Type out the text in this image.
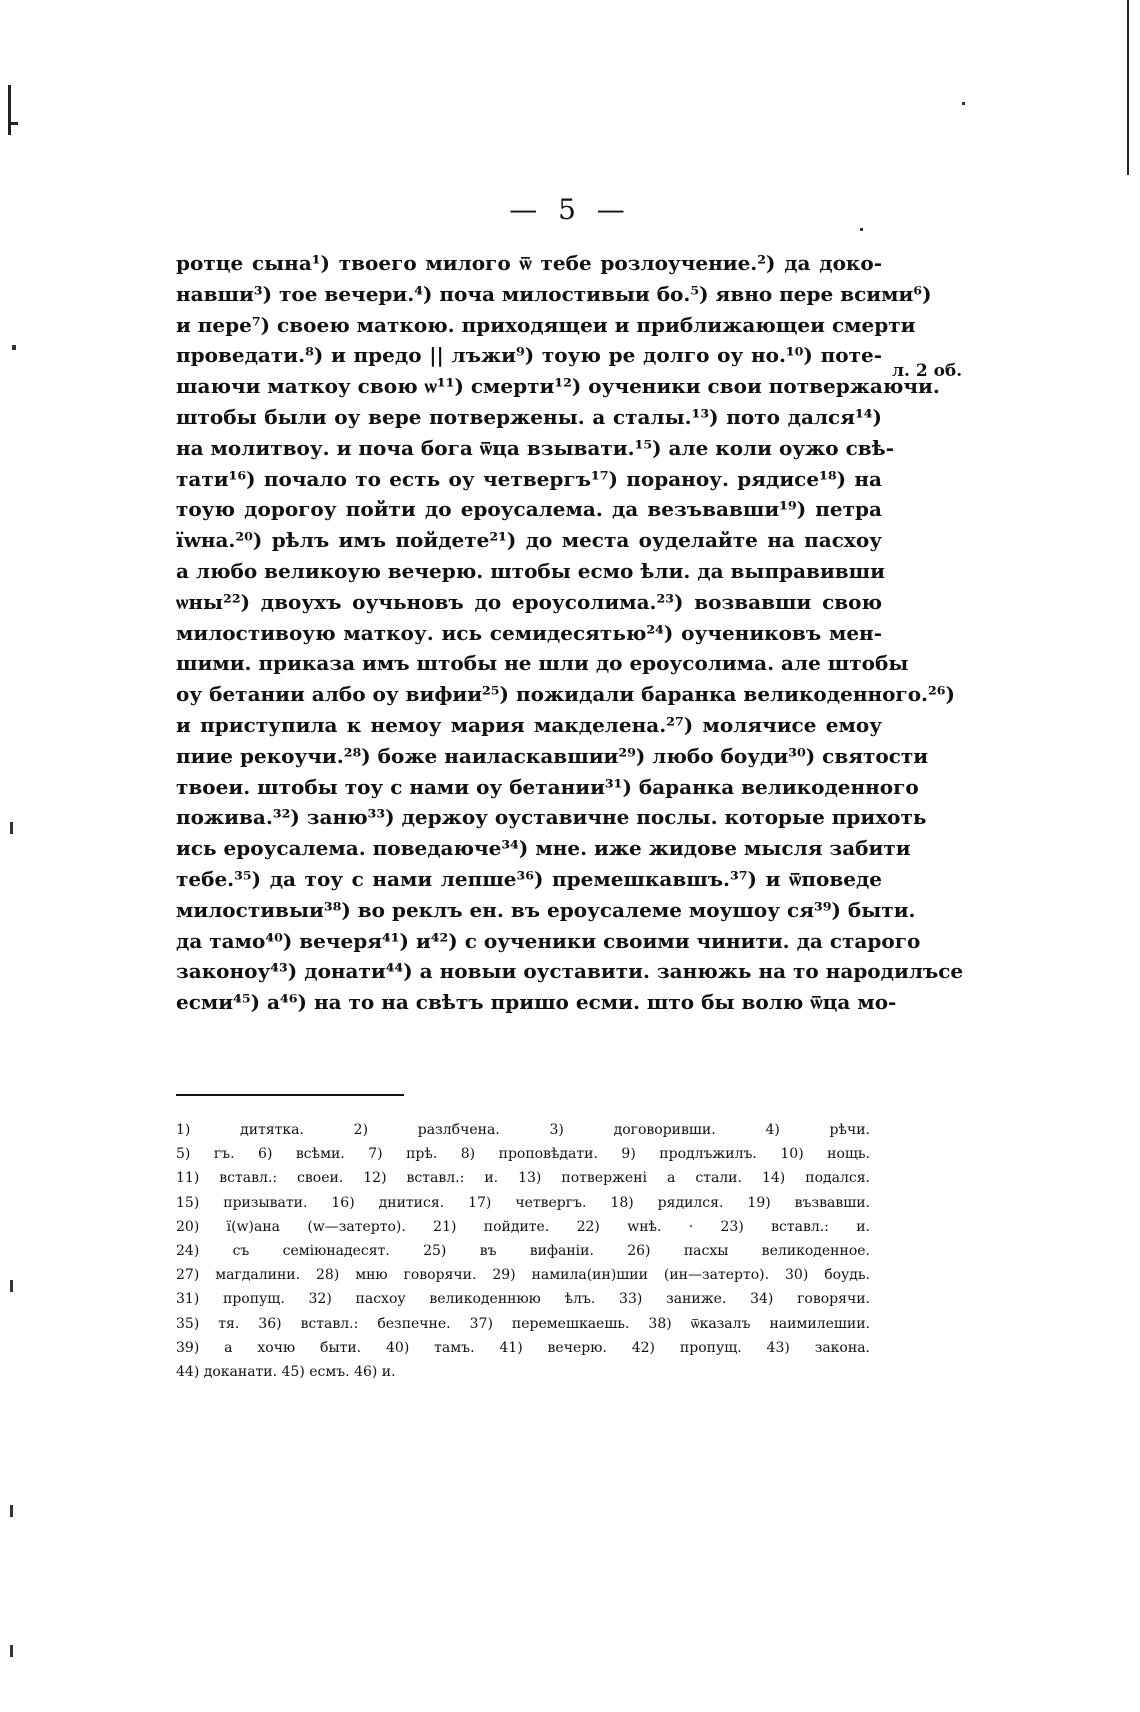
— 5 —
ротце сына¹) твоего милого ѿ тебе розлоучение.²) да доко-
навши³) тое вечери.⁴) поча милостивыи бо.⁵) явно пере всими⁶)
и пере⁷) своею маткою. приходящеи и приближающеи смерти
проведати.⁸) и предо || лъжи⁹) тоую ре долго оу но.¹⁰) поте-
шаючи маткоу свою ѡ¹¹) смерти¹²) оученики свои потвержаючи.
штобы были оу вере потвержены. а сталы.¹³) пото дался¹⁴)
на молитвоу. и поча бога ѿца взывати.¹⁵) але коли оужо свѣ-
тати¹⁶) почало то есть оу четвергъ¹⁷) пораноу. рядисе¹⁸) на
тоую дорогоу пойти до ероусалема. да везъвавши¹⁹) петра
їwна.²⁰) рѣлъ имъ пойдете²¹) до места оуделайте на пасхоу
а любо великоую вечерю. штобы есмо ѣли. да выправивши
ѡны²²) двоухъ оучьновъ до ероусолима.²³) возвавши свою
милостивоую маткоу. ись семидесятью²⁴) оучениковъ мен-
шими. приказа имъ штобы не шли до ероусолима. але штобы
оу бетании албо оу вифии²⁵) пожидали баранка великоденного.²⁶)
и приступила к немоу мария макделена.²⁷) молячисе емоу
пиие рекоучи.²⁸) боже наиласкавшии²⁹) любо боуди³⁰) святости
твоеи. штобы тоу с нами оу бетании³¹) баранка великоденного
пожива.³²) заню³³) держоу оуставичне послы. которые прихоть
ись ероусалема. поведаюче³⁴) мне. иже жидове мысля забити
тебе.³⁵) да тоу с нами лепше³⁶) премешкавшъ.³⁷) и ѿповеде
милостивыи³⁸) во реклъ ен. въ ероусалеме моушоу ся³⁹) быти.
да тамо⁴⁰) вечеря⁴¹) и⁴²) с оученики своими чинити. да старого
законоу⁴³) донати⁴⁴) а новыи оуставити. занюжь на то народилъсе
есми⁴⁵) а⁴⁶) на то на свѣтъ пришо есми. што бы волю ѿца мо-
л. 2 об.
1) дитятка. 2) разлбчена. 3) договоривши. 4) рѣчи.
5) гъ. 6) всѣми. 7) прѣ. 8) проповѣдати. 9) продлъжилъ. 10) нощь.
11) вставл.: своеи. 12) вставл.: и. 13) потверженi а стали. 14) подался.
15) призывати. 16) днитися. 17) четвергъ. 18) рядился. 19) възвавши.
20) ї(w)ана (w—затерто). 21) пойдите. 22) wнѣ. · 23) вставл.: и.
24) съ семiюнадесят. 25) въ вифанiи. 26) пасхы великоденное.
27) магдалини. 28) мню говорячи. 29) намила(ин)шии (ин—затерто). 30) боудь.
31) пропущ. 32) пасхоу великоденнюю ѣлъ. 33) заниже. 34) говорячи.
35) тя. 36) вставл.: безпечне. 37) перемешкаешь. 38) ѿказалъ наимилешии.
39) а хочю быти. 40) тамъ. 41) вечерю. 42) пропущ. 43) закона.
44) доканати. 45) есмъ. 46) и.
